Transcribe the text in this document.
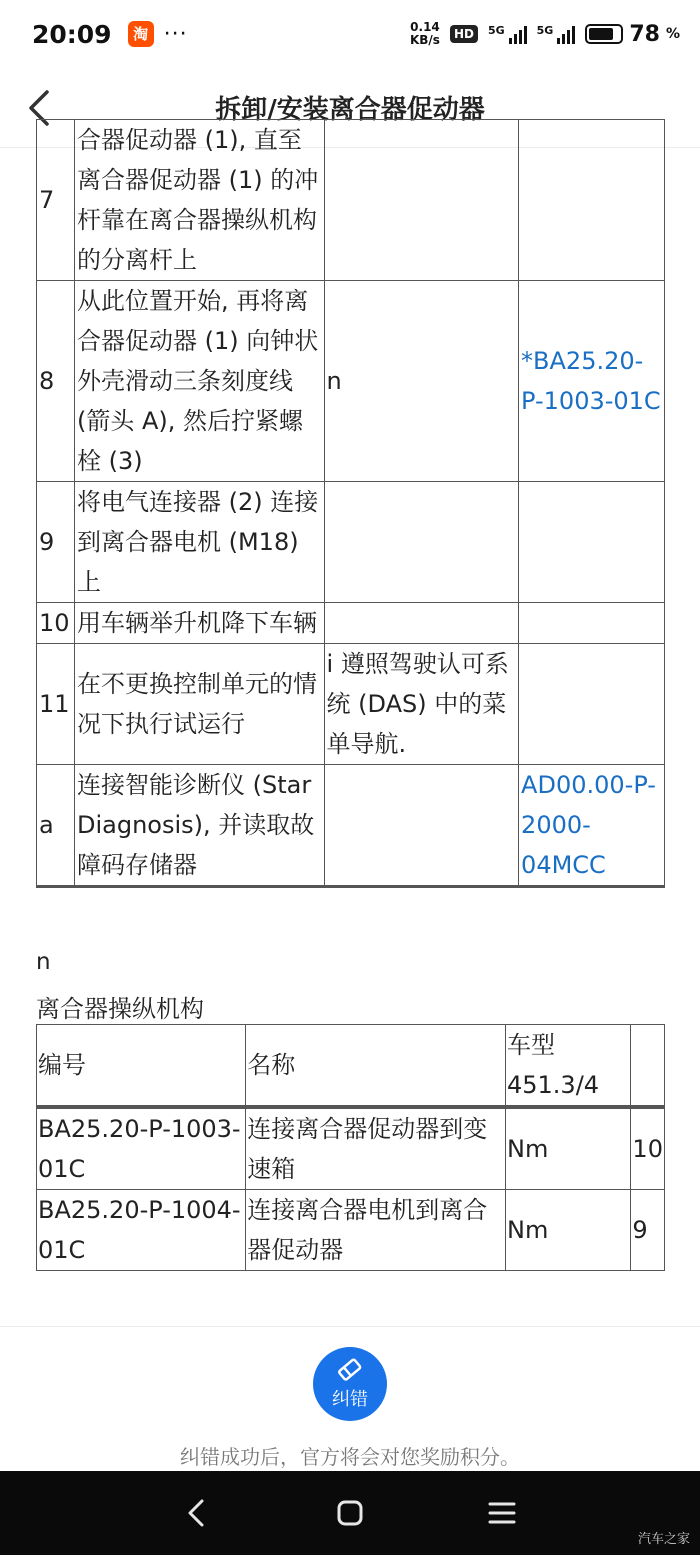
20:09	淘 ···	0.14
KB/s	HD	5G	5G	78 %
拆卸/安装离合器促动器
7	合器促动器 (1), 直至离合器促动器 (1) 的冲杆靠在离合器操纵机构的分离杆上		
8	从此位置开始, 再将离合器促动器 (1) 向钟状外壳滑动三条刻度线 (箭头 A), 然后拧紧螺栓 (3)	n	*BA25.20-P-1003-01C
9	将电气连接器 (2) 连接到离合器电机 (M18) 上		
10	用车辆举升机降下车辆		
11	在不更换控制单元的情况下执行试运行	i 遵照驾驶认可系统 (DAS) 中的菜单导航.	
a	连接智能诊断仪 (Star Diagnosis), 并读取故障码存储器		AD00.00-P-2000-04MCC
n
离合器操纵机构
编号	名称	车型 451.3/4	
BA25.20-P-1003-01C	连接离合器促动器到变速箱	Nm	10
BA25.20-P-1004-01C	连接离合器电机到离合器促动器	Nm	9
纠错
纠错成功后，官方将会对您奖励积分。
汽车之家
